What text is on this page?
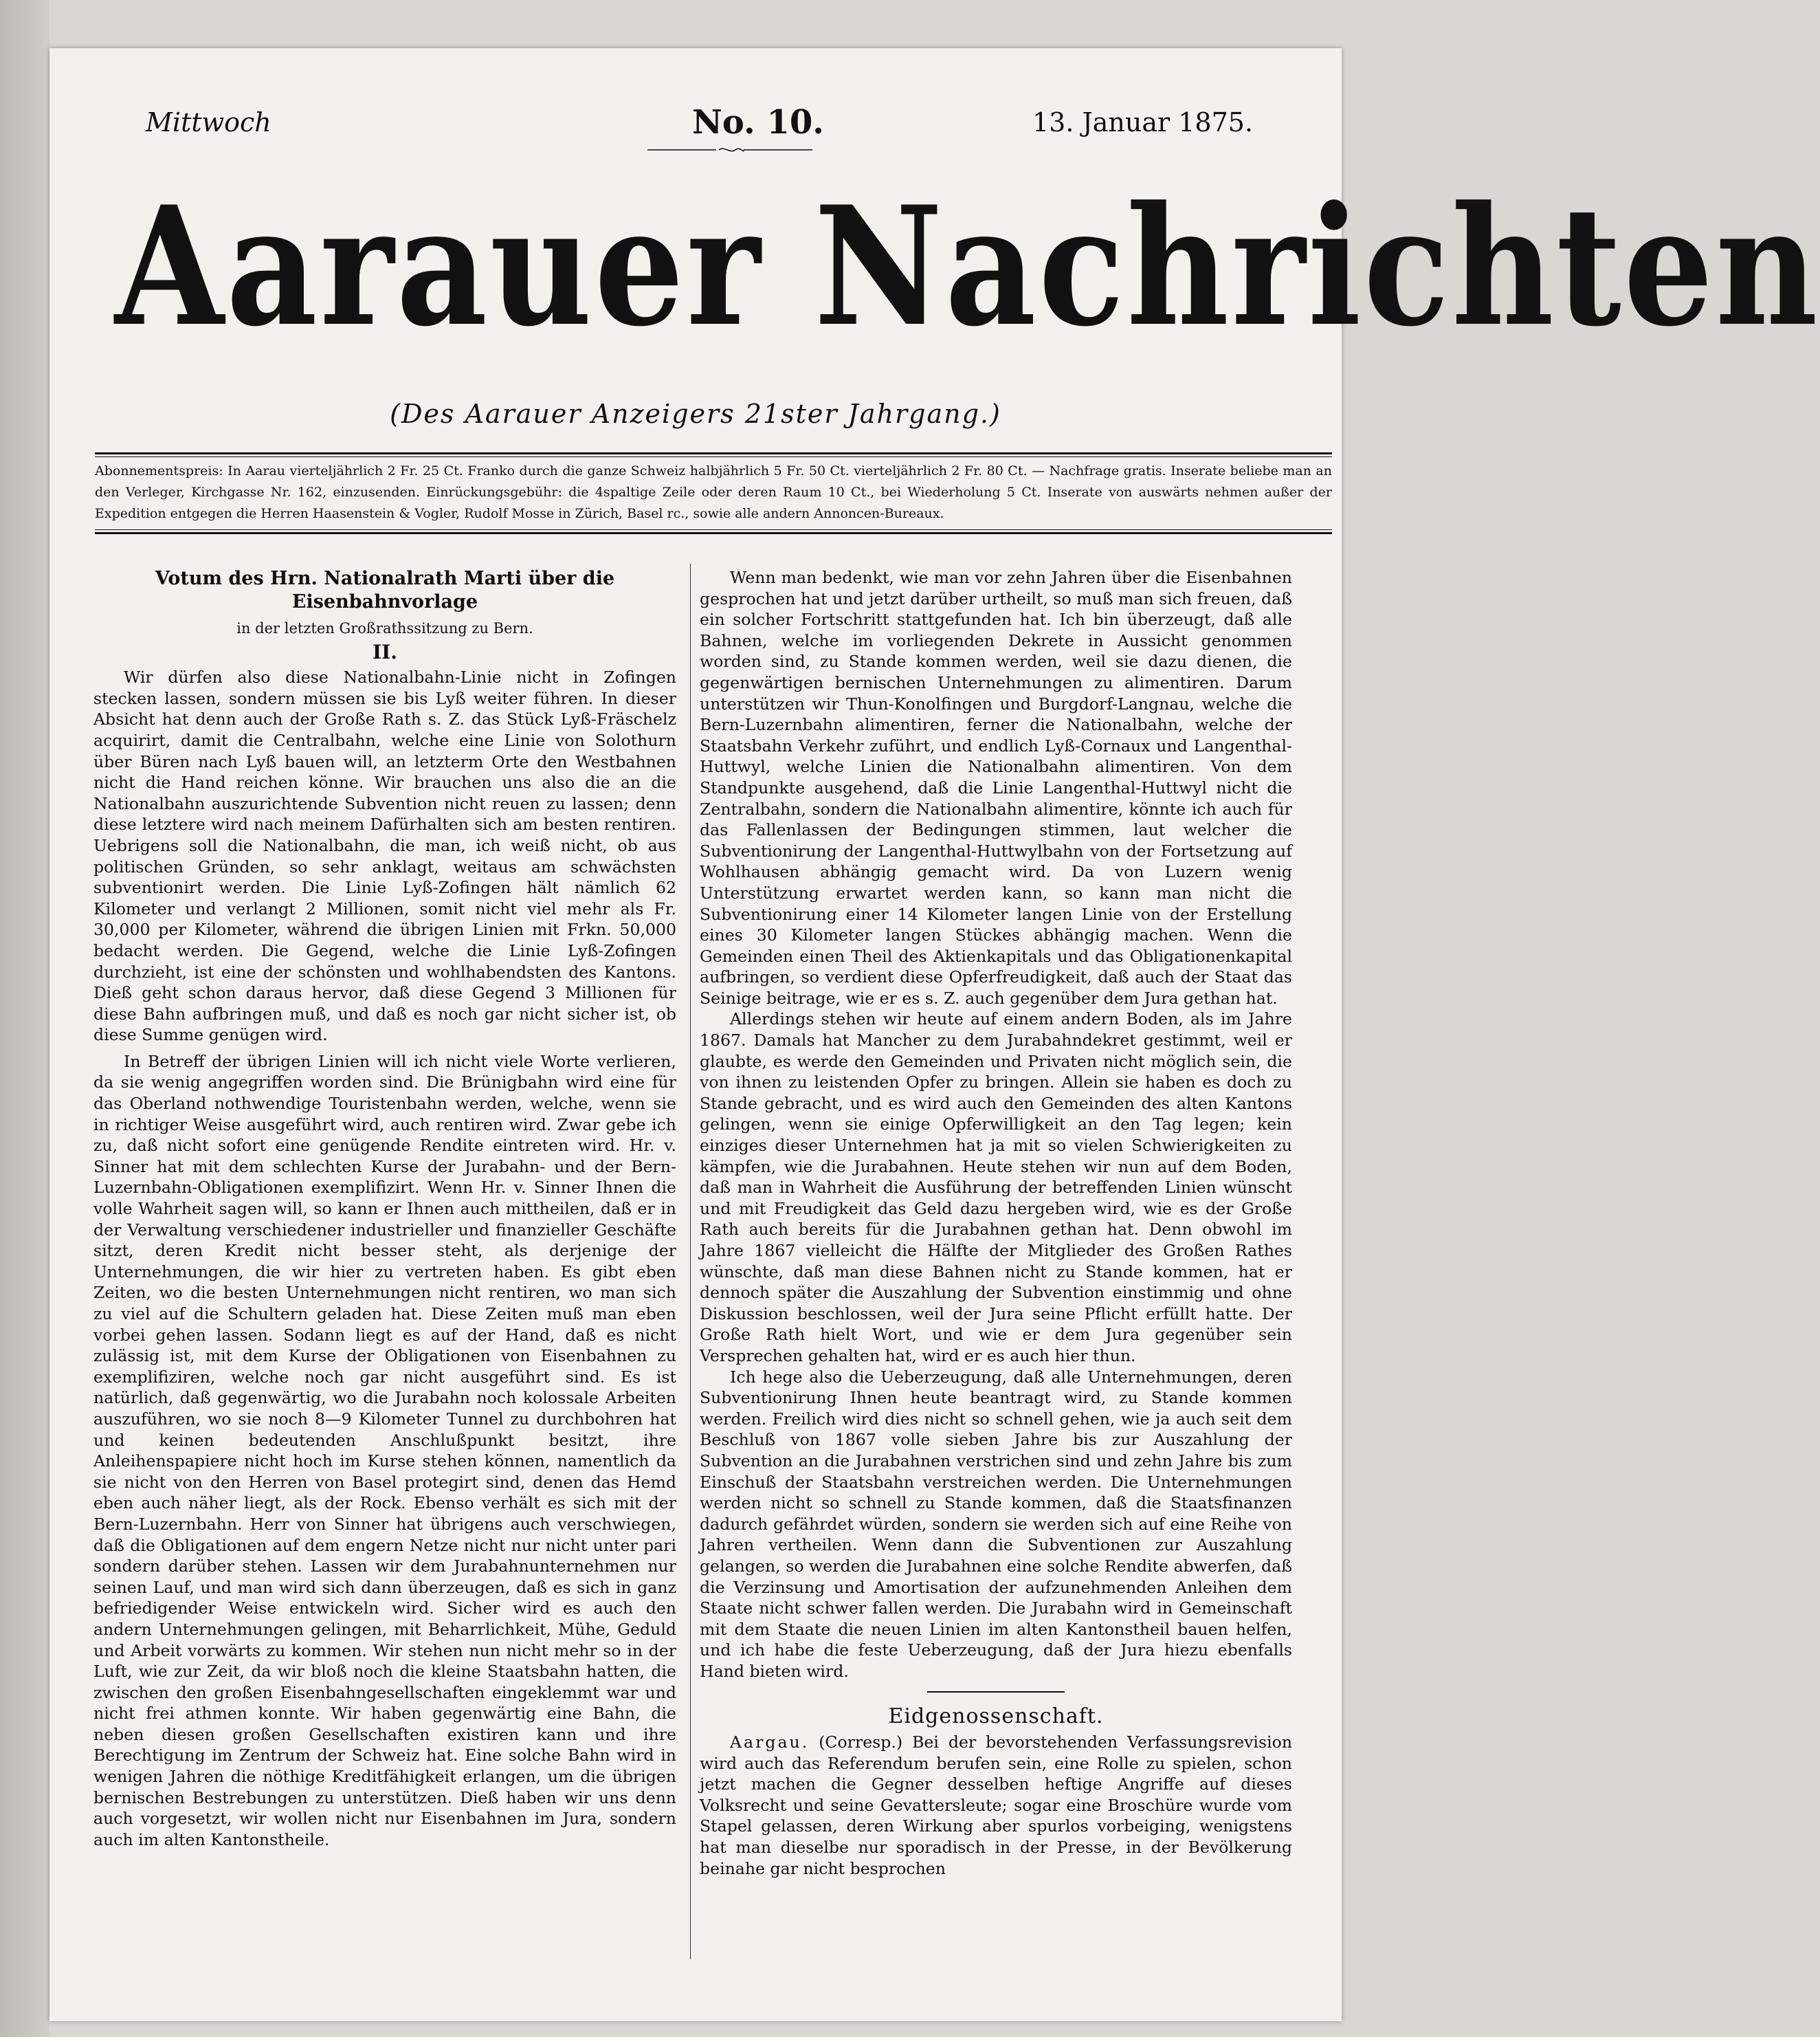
Mittwoch	No. 10.	13. Januar 1875.
Aarauer Nachrichten
(Des Aarauer Anzeigers 21ster Jahrgang.)
Abonnementspreis: In Aarau vierteljährlich 2 Fr. 25 Ct. Franko durch die ganze Schweiz halbjährlich 5 Fr. 50 Ct. vierteljährlich 2 Fr. 80 Ct. — Nachfrage gratis. Inserate beliebe man an den Verleger, Kirchgasse Nr. 162, einzusenden. Einrückungsgebühr: die 4spaltige Zeile oder deren Raum 10 Ct., bei Wiederholung 5 Ct. Inserate von auswärts nehmen außer der Expedition entgegen die Herren Haasenstein & Vogler, Rudolf Mosse in Zürich, Basel rc., sowie alle andern Annoncen-Bureaux.
Votum des Hrn. Nationalrath Marti über die Eisenbahnvorlage
in der letzten Großrathssitzung zu Bern.
II.

Wir dürfen also diese Nationalbahn-Linie nicht in Zofingen stecken lassen, sondern müssen sie bis Lyß weiter führen. In dieser Absicht hat denn auch der Große Rath s. Z. das Stück Lyß-Fräschelz acquirirt, damit die Centralbahn, welche eine Linie von Solothurn über Büren nach Lyß bauen will, an letzterm Orte den Westbahnen nicht die Hand reichen könne. Wir brauchen uns also die an die Nationalbahn auszurichtende Subvention nicht reuen zu lassen; denn diese letztere wird nach meinem Dafürhalten sich am besten rentiren. Uebrigens soll die Nationalbahn, die man, ich weiß nicht, ob aus politischen Gründen, so sehr anklagt, weitaus am schwächsten subventionirt werden. Die Linie Lyß-Zofingen hält nämlich 62 Kilometer und verlangt 2 Millionen, somit nicht viel mehr als Fr. 30,000 per Kilometer, während die übrigen Linien mit Frkn. 50,000 bedacht werden. Die Gegend, welche die Linie Lyß-Zofingen durchzieht, ist eine der schönsten und wohlhabendsten des Kantons. Dieß geht schon daraus hervor, daß diese Gegend 3 Millionen für diese Bahn aufbringen muß, und daß es noch gar nicht sicher ist, ob diese Summe genügen wird.

In Betreff der übrigen Linien will ich nicht viele Worte verlieren, da sie wenig angegriffen worden sind. Die Brünigbahn wird eine für das Oberland nothwendige Touristenbahn werden, welche, wenn sie in richtiger Weise ausgeführt wird, auch rentiren wird. Zwar gebe ich zu, daß nicht sofort eine genügende Rendite eintreten wird. Hr. v. Sinner hat mit dem schlechten Kurse der Jurabahn- und der Bern-Luzernbahn-Obligationen exemplifizirt. Wenn Hr. v. Sinner Ihnen die volle Wahrheit sagen will, so kann er Ihnen auch mittheilen, daß er in der Verwaltung verschiedener industrieller und finanzieller Geschäfte sitzt, deren Kredit nicht besser steht, als derjenige der Unternehmungen, die wir hier zu vertreten haben. Es gibt eben Zeiten, wo die besten Unternehmungen nicht rentiren, wo man sich zu viel auf die Schultern geladen hat. Diese Zeiten muß man eben vorbei gehen lassen. Sodann liegt es auf der Hand, daß es nicht zulässig ist, mit dem Kurse der Obligationen von Eisenbahnen zu exemplifiziren, welche noch gar nicht ausgeführt sind. Es ist natürlich, daß gegenwärtig, wo die Jurabahn noch kolossale Arbeiten auszuführen, wo sie noch 8—9 Kilometer Tunnel zu durchbohren hat und keinen bedeutenden Anschlußpunkt besitzt, ihre Anleihenspapiere nicht hoch im Kurse stehen können, namentlich da sie nicht von den Herren von Basel protegirt sind, denen das Hemd eben auch näher liegt, als der Rock. Ebenso verhält es sich mit der Bern-Luzernbahn. Herr von Sinner hat übrigens auch verschwiegen, daß die Obligationen auf dem engern Netze nicht nur nicht unter pari sondern darüber stehen. Lassen wir dem Jurabahnunternehmen nur seinen Lauf, und man wird sich dann überzeugen, daß es sich in ganz befriedigender Weise entwickeln wird. Sicher wird es auch den andern Unternehmungen gelingen, mit Beharrlichkeit, Mühe, Geduld und Arbeit vorwärts zu kommen. Wir stehen nun nicht mehr so in der Luft, wie zur Zeit, da wir bloß noch die kleine Staatsbahn hatten, die zwischen den großen Eisenbahngesellschaften eingeklemmt war und nicht frei athmen konnte. Wir haben gegenwärtig eine Bahn, die neben diesen großen Gesellschaften existiren kann und ihre Berechtigung im Zentrum der Schweiz hat. Eine solche Bahn wird in wenigen Jahren die nöthige Kreditfähigkeit erlangen, um die übrigen bernischen Bestrebungen zu unterstützen. Dieß haben wir uns denn auch vorgesetzt, wir wollen nicht nur Eisenbahnen im Jura, sondern auch im alten Kantonstheile.

Wenn man bedenkt, wie man vor zehn Jahren über die Eisenbahnen gesprochen hat und jetzt darüber urtheilt, so muß man sich freuen, daß ein solcher Fortschritt stattgefunden hat. Ich bin überzeugt, daß alle Bahnen, welche im vorliegenden Dekrete in Aussicht genommen worden sind, zu Stande kommen werden, weil sie dazu dienen, die gegenwärtigen bernischen Unternehmungen zu alimentiren. Darum unterstützen wir Thun-Konolfingen und Burgdorf-Langnau, welche die Bern-Luzernbahn alimentiren, ferner die Nationalbahn, welche der Staatsbahn Verkehr zuführt, und endlich Lyß-Cornaux und Langenthal-Huttwyl, welche Linien die Nationalbahn alimentiren. Von dem Standpunkte ausgehend, daß die Linie Langenthal-Huttwyl nicht die Zentralbahn, sondern die Nationalbahn alimentire, könnte ich auch für das Fallenlassen der Bedingungen stimmen, laut welcher die Subventionirung der Langenthal-Huttwylbahn von der Fortsetzung auf Wohlhausen abhängig gemacht wird. Da von Luzern wenig Unterstützung erwartet werden kann, so kann man nicht die Subventionirung einer 14 Kilometer langen Linie von der Erstellung eines 30 Kilometer langen Stückes abhängig machen. Wenn die Gemeinden einen Theil des Aktienkapitals und das Obligationenkapital aufbringen, so verdient diese Opferfreudigkeit, daß auch der Staat das Seinige beitrage, wie er es s. Z. auch gegenüber dem Jura gethan hat.

Allerdings stehen wir heute auf einem andern Boden, als im Jahre 1867. Damals hat Mancher zu dem Jurabahndekret gestimmt, weil er glaubte, es werde den Gemeinden und Privaten nicht möglich sein, die von ihnen zu leistenden Opfer zu bringen. Allein sie haben es doch zu Stande gebracht, und es wird auch den Gemeinden des alten Kantons gelingen, wenn sie einige Opferwilligkeit an den Tag legen; kein einziges dieser Unternehmen hat ja mit so vielen Schwierigkeiten zu kämpfen, wie die Jurabahnen. Heute stehen wir nun auf dem Boden, daß man in Wahrheit die Ausführung der betreffenden Linien wünscht und mit Freudigkeit das Geld dazu hergeben wird, wie es der Große Rath auch bereits für die Jurabahnen gethan hat. Denn obwohl im Jahre 1867 vielleicht die Hälfte der Mitglieder des Großen Rathes wünschte, daß man diese Bahnen nicht zu Stande kommen, hat er dennoch später die Auszahlung der Subvention einstimmig und ohne Diskussion beschlossen, weil der Jura seine Pflicht erfüllt hatte. Der Große Rath hielt Wort, und wie er dem Jura gegenüber sein Versprechen gehalten hat, wird er es auch hier thun.

Ich hege also die Ueberzeugung, daß alle Unternehmungen, deren Subventionirung Ihnen heute beantragt wird, zu Stande kommen werden. Freilich wird dies nicht so schnell gehen, wie ja auch seit dem Beschluß von 1867 volle sieben Jahre bis zur Auszahlung der Subvention an die Jurabahnen verstrichen sind und zehn Jahre bis zum Einschuß der Staatsbahn verstreichen werden. Die Unternehmungen werden nicht so schnell zu Stande kommen, daß die Staatsfinanzen dadurch gefährdet würden, sondern sie werden sich auf eine Reihe von Jahren vertheilen. Wenn dann die Subventionen zur Auszahlung gelangen, so werden die Jurabahnen eine solche Rendite abwerfen, daß die Verzinsung und Amortisation der aufzunehmenden Anleihen dem Staate nicht schwer fallen werden. Die Jurabahn wird in Gemeinschaft mit dem Staate die neuen Linien im alten Kantonstheil bauen helfen, und ich habe die feste Ueberzeugung, daß der Jura hiezu ebenfalls Hand bieten wird.

Eidgenossenschaft.

Aargau. (Corresp.) Bei der bevorstehenden Verfassungsrevision wird auch das Referendum berufen sein, eine Rolle zu spielen, schon jetzt machen die Gegner desselben heftige Angriffe auf dieses Volksrecht und seine Gevattersleute; sogar eine Broschüre wurde vom Stapel gelassen, deren Wirkung aber spurlos vorbeiging, wenigstens hat man dieselbe nur sporadisch in der Presse, in der Bevölkerung beinahe gar nicht besprochen
